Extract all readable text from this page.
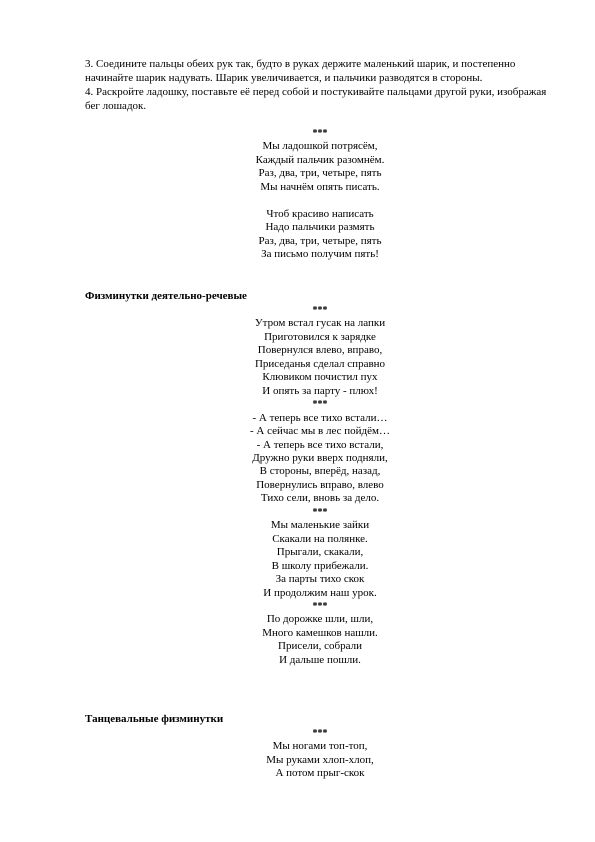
3. Соедините пальцы обеих рук так, будто в руках держите маленький шарик, и постепенно начинайте шарик надувать. Шарик увеличивается, и пальчики разводятся в стороны.

4. Раскройте ладошку, поставьте её перед собой и постукивайте пальцами другой руки, изображая бег лошадок.

***
Мы ладошкой потрясём,
Каждый пальчик разомнём.
Раз, два, три, четыре, пять
Мы начнём опять писать.

Чтоб красиво написать
Надо пальчики размять
Раз, два, три, четыре, пять
За письмо получим пять!

Физминутки деятельно-речевые

***
Утром встал гусак на лапки
Приготовился к зарядке
Повернулся влево, вправо,
Приседанья сделал справно
Клювиком почистил пух
И опять за парту - плюх!
***
- А теперь все тихо встали…
- А сейчас мы в лес пойдём…
- А теперь все тихо встали,
Дружно руки вверх подняли,
В стороны, вперёд, назад,
Повернулись вправо, влево
Тихо сели, вновь за дело.
***
Мы маленькие зайки
Скакали на полянке.
Прыгали, скакали,
В школу прибежали.
За парты тихо скок
И продолжим наш урок.
***
По дорожке шли, шли,
Много камешков нашли.
Присели, собрали
И дальше пошли.

Танцевальные физминутки

***
Мы ногами топ-топ,
Мы руками хлоп-хлоп,
А потом прыг-скок
